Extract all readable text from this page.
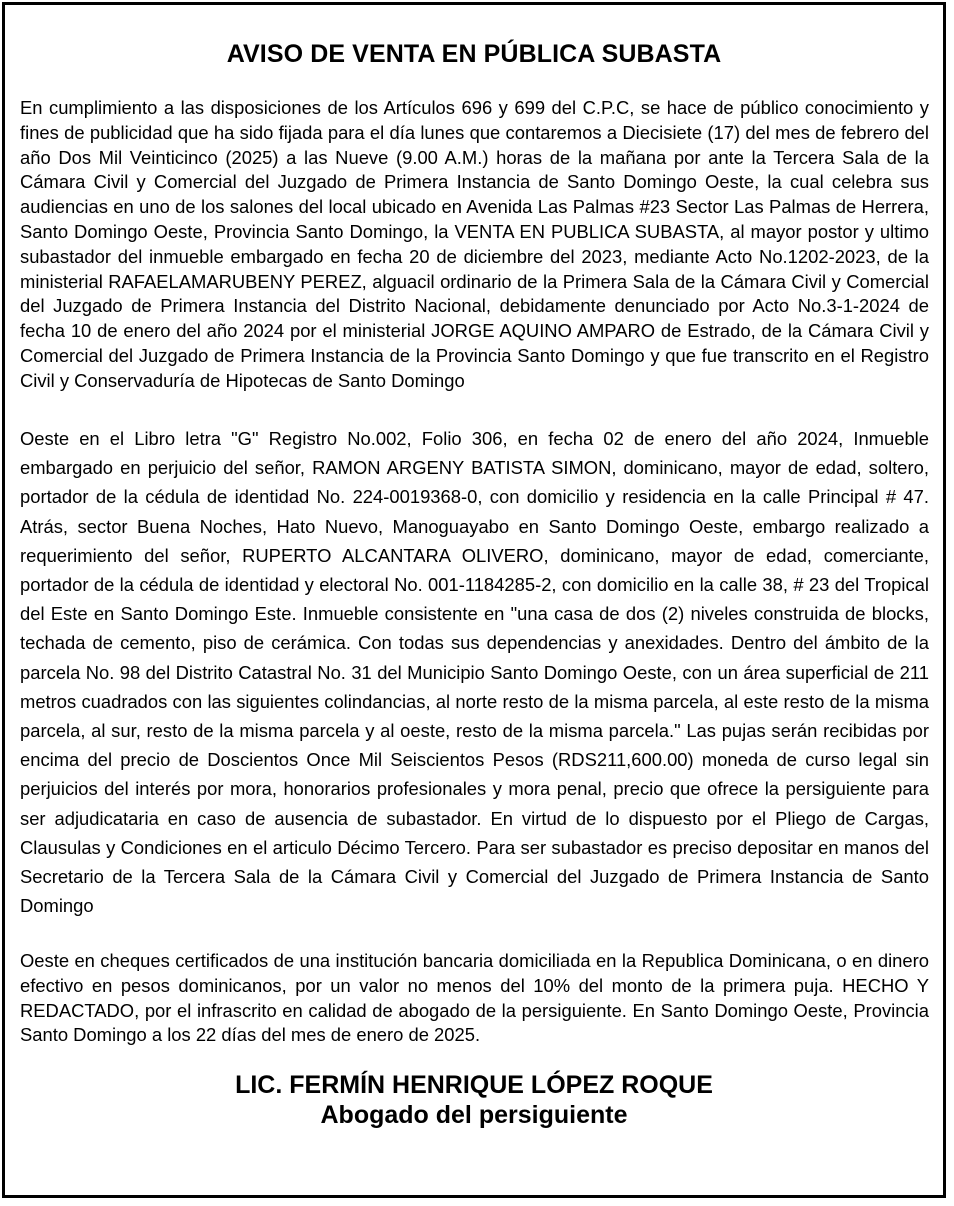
AVISO DE VENTA EN PÚBLICA SUBASTA

En cumplimiento a las disposiciones de los Artículos 696 y 699 del C.P.C, se hace de público conocimiento y fines de publicidad que ha sido fijada para el día lunes que contaremos a Diecisiete (17) del mes de febrero del año Dos Mil Veinticinco (2025) a las Nueve (9.00 A.M.) horas de la mañana por ante la Tercera Sala de la Cámara Civil y Comercial del Juzgado de Primera Instancia de Santo Domingo Oeste, la cual celebra sus audiencias en uno de los salones del local ubicado en Avenida Las Palmas #23 Sector Las Palmas de Herrera, Santo Domingo Oeste, Provincia Santo Domingo, la VENTA EN PUBLICA SUBASTA, al mayor postor y ultimo subastador del inmueble embargado en fecha 20 de diciembre del 2023, mediante Acto No.1202-2023, de la ministerial RAFAELAMARUBENY PEREZ, alguacil ordinario de la Primera Sala de la Cámara Civil y Comercial del Juzgado de Primera Instancia del Distrito Nacional, debidamente denunciado por Acto No.3-1-2024 de fecha 10 de enero del año 2024 por el ministerial JORGE AQUINO AMPARO de Estrado, de la Cámara Civil y Comercial del Juzgado de Primera Instancia de la Provincia Santo Domingo y que fue transcrito en el Registro Civil y Conservaduría de Hipotecas de Santo Domingo

Oeste en el Libro letra "G" Registro No.002, Folio 306, en fecha 02 de enero del año 2024, Inmueble embargado en perjuicio del señor, RAMON ARGENY BATISTA SIMON, dominicano, mayor de edad, soltero, portador de la cédula de identidad No. 224-0019368-0, con domicilio y residencia en la calle Principal # 47. Atrás, sector Buena Noches, Hato Nuevo, Manoguayabo en Santo Domingo Oeste, embargo realizado a requerimiento del señor, RUPERTO ALCANTARA OLIVERO, dominicano, mayor de edad, comerciante, portador de la cédula de identidad y electoral No. 001-1184285-2, con domicilio en la calle 38, # 23 del Tropical del Este en Santo Domingo Este. Inmueble consistente en "una casa de dos (2) niveles construida de blocks, techada de cemento, piso de cerámica. Con todas sus dependencias y anexidades. Dentro del ámbito de la parcela No. 98 del Distrito Catastral No. 31 del Municipio Santo Domingo Oeste, con un área superficial de 211 metros cuadrados con las siguientes colindancias, al norte resto de la misma parcela, al este resto de la misma parcela, al sur, resto de la misma parcela y al oeste, resto de la misma parcela." Las pujas serán recibidas por encima del precio de Doscientos Once Mil Seiscientos Pesos (RDS211,600.00) moneda de curso legal sin perjuicios del interés por mora, honorarios profesionales y mora penal, precio que ofrece la persiguiente para ser adjudicataria en caso de ausencia de subastador. En virtud de lo dispuesto por el Pliego de Cargas, Clausulas y Condiciones en el articulo Décimo Tercero. Para ser subastador es preciso depositar en manos del Secretario de la Tercera Sala de la Cámara Civil y Comercial del Juzgado de Primera Instancia de Santo Domingo

Oeste en cheques certificados de una institución bancaria domiciliada en la Republica Dominicana, o en dinero efectivo en pesos dominicanos, por un valor no menos del 10% del monto de la primera puja. HECHO Y REDACTADO, por el infrascrito en calidad de abogado de la persiguiente. En Santo Domingo Oeste, Provincia Santo Domingo a los 22 días del mes de enero de 2025.

LIC. FERMÍN HENRIQUE LÓPEZ ROQUE
Abogado del persiguiente
